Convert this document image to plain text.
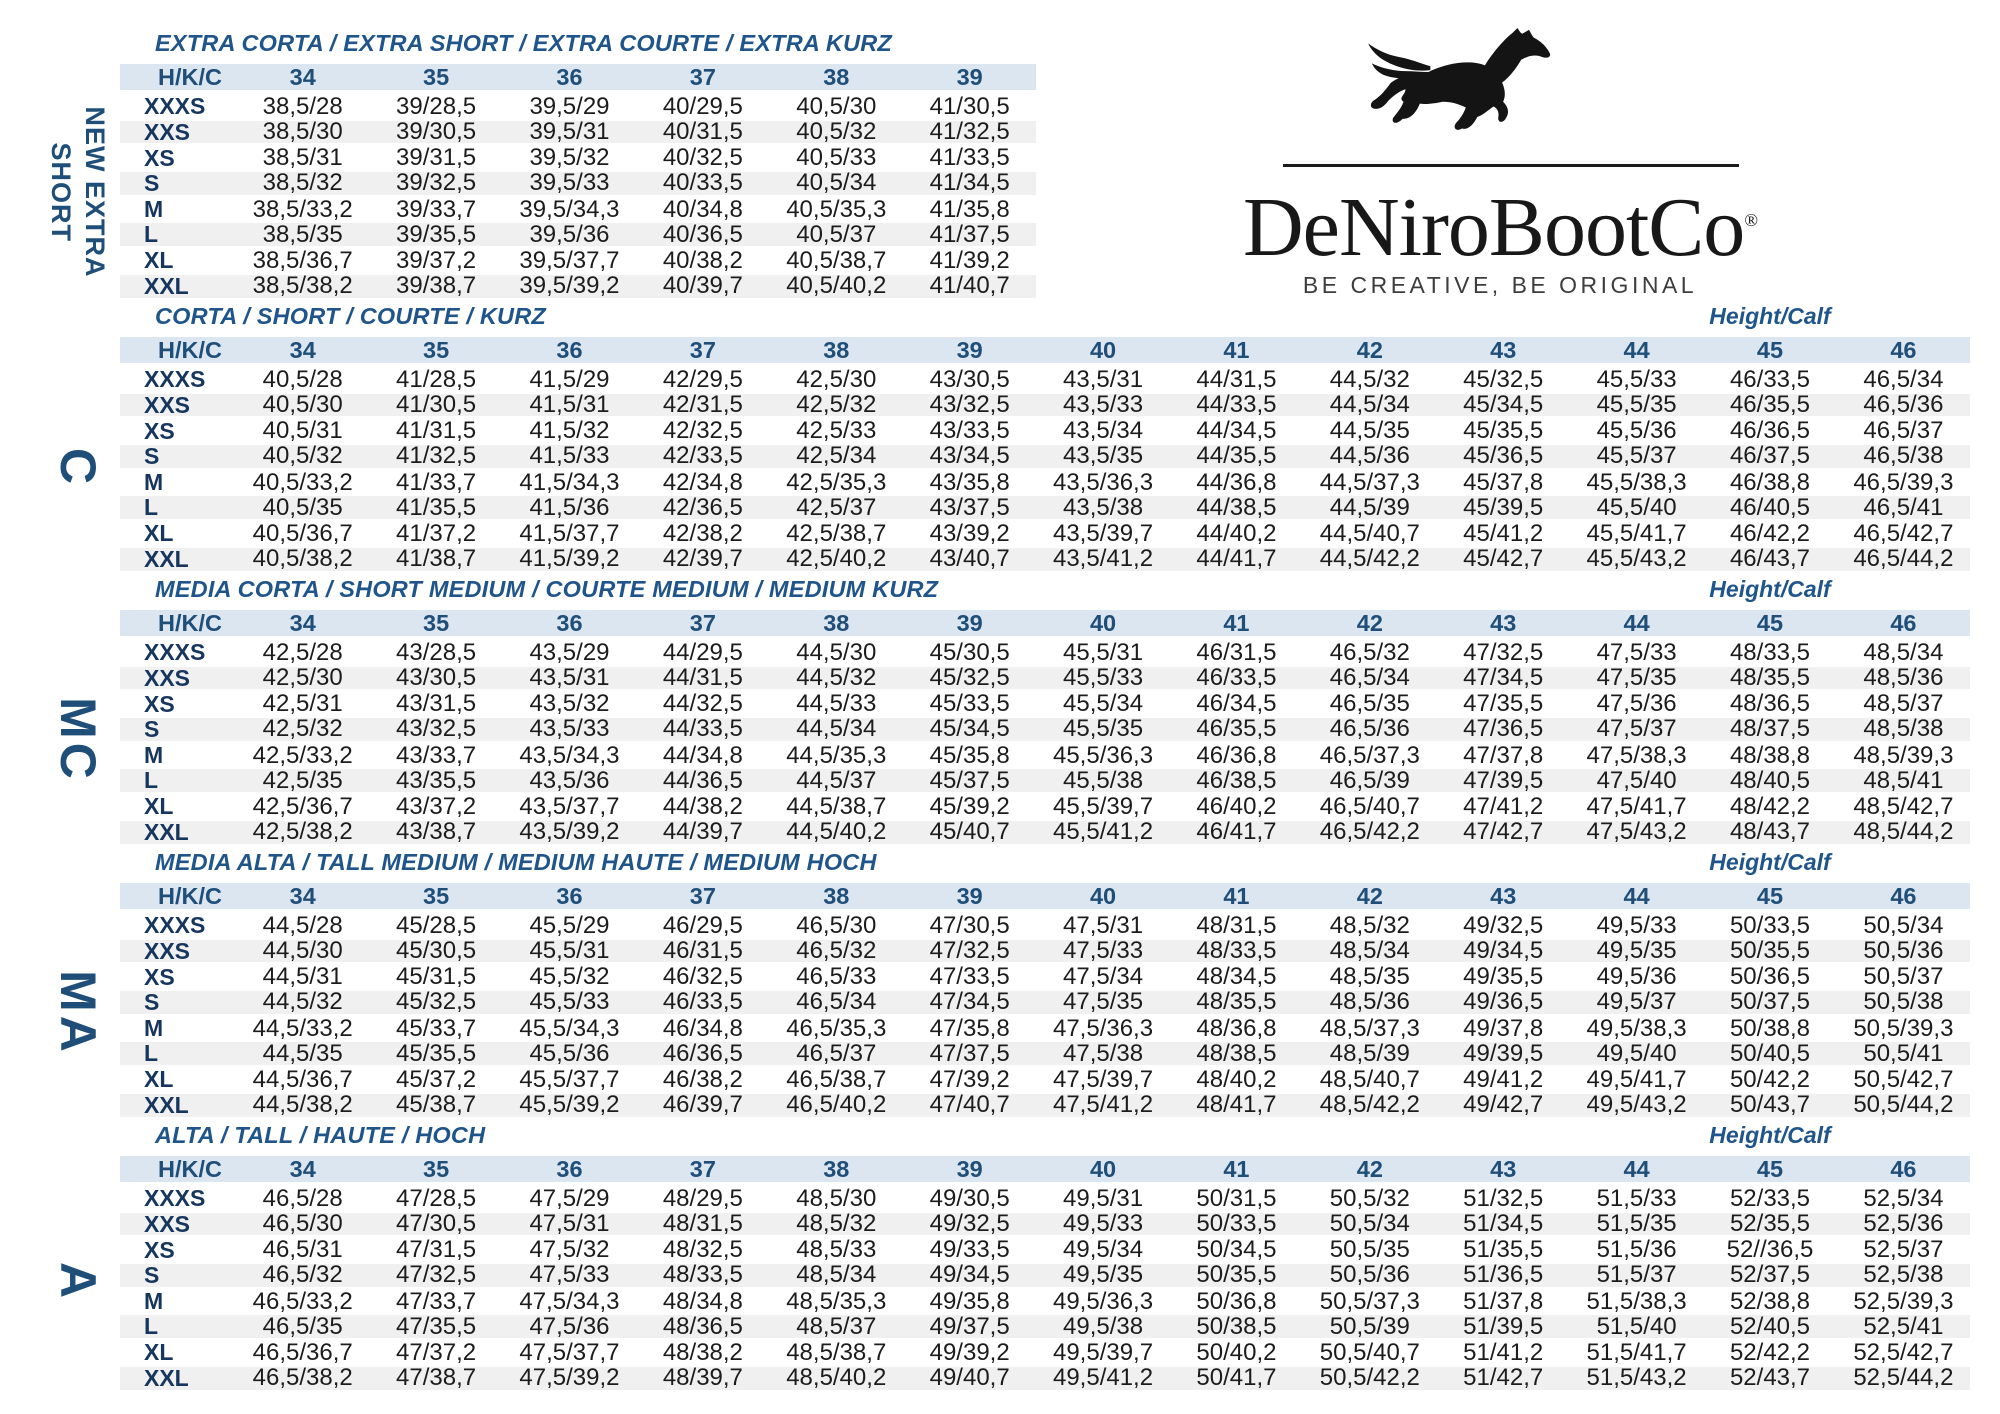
NEW EXTRA
SHORT
C
MC
MA
A
DeNiroBootCo®
BE CREATIVE, BE ORIGINAL
EXTRA CORTA / EXTRA SHORT / EXTRA COURTE / EXTRA KURZ
CORTA / SHORT / COURTE / KURZ
MEDIA CORTA / SHORT MEDIUM / COURTE MEDIUM / MEDIUM KURZ
MEDIA ALTA / TALL MEDIUM / MEDIUM HAUTE / MEDIUM HOCH
ALTA / TALL / HAUTE / HOCH
Height/Calf
Height/Calf
Height/Calf
Height/Calf
H/K/C	34	35	36	37	38	39
XXXS	38,5/28	39/28,5	39,5/29	40/29,5	40,5/30	41/30,5
XXS	38,5/30	39/30,5	39,5/31	40/31,5	40,5/32	41/32,5
XS	38,5/31	39/31,5	39,5/32	40/32,5	40,5/33	41/33,5
S	38,5/32	39/32,5	39,5/33	40/33,5	40,5/34	41/34,5
M	38,5/33,2	39/33,7	39,5/34,3	40/34,8	40,5/35,3	41/35,8
L	38,5/35	39/35,5	39,5/36	40/36,5	40,5/37	41/37,5
XL	38,5/36,7	39/37,2	39,5/37,7	40/38,2	40,5/38,7	41/39,2
XXL	38,5/38,2	39/38,7	39,5/39,2	40/39,7	40,5/40,2	41/40,7
H/K/C	34	35	36	37	38	39	40	41	42	43	44	45	46
XXXS	40,5/28	41/28,5	41,5/29	42/29,5	42,5/30	43/30,5	43,5/31	44/31,5	44,5/32	45/32,5	45,5/33	46/33,5	46,5/34
XXS	40,5/30	41/30,5	41,5/31	42/31,5	42,5/32	43/32,5	43,5/33	44/33,5	44,5/34	45/34,5	45,5/35	46/35,5	46,5/36
XS	40,5/31	41/31,5	41,5/32	42/32,5	42,5/33	43/33,5	43,5/34	44/34,5	44,5/35	45/35,5	45,5/36	46/36,5	46,5/37
S	40,5/32	41/32,5	41,5/33	42/33,5	42,5/34	43/34,5	43,5/35	44/35,5	44,5/36	45/36,5	45,5/37	46/37,5	46,5/38
M	40,5/33,2	41/33,7	41,5/34,3	42/34,8	42,5/35,3	43/35,8	43,5/36,3	44/36,8	44,5/37,3	45/37,8	45,5/38,3	46/38,8	46,5/39,3
L	40,5/35	41/35,5	41,5/36	42/36,5	42,5/37	43/37,5	43,5/38	44/38,5	44,5/39	45/39,5	45,5/40	46/40,5	46,5/41
XL	40,5/36,7	41/37,2	41,5/37,7	42/38,2	42,5/38,7	43/39,2	43,5/39,7	44/40,2	44,5/40,7	45/41,2	45,5/41,7	46/42,2	46,5/42,7
XXL	40,5/38,2	41/38,7	41,5/39,2	42/39,7	42,5/40,2	43/40,7	43,5/41,2	44/41,7	44,5/42,2	45/42,7	45,5/43,2	46/43,7	46,5/44,2
H/K/C	34	35	36	37	38	39	40	41	42	43	44	45	46
XXXS	42,5/28	43/28,5	43,5/29	44/29,5	44,5/30	45/30,5	45,5/31	46/31,5	46,5/32	47/32,5	47,5/33	48/33,5	48,5/34
XXS	42,5/30	43/30,5	43,5/31	44/31,5	44,5/32	45/32,5	45,5/33	46/33,5	46,5/34	47/34,5	47,5/35	48/35,5	48,5/36
XS	42,5/31	43/31,5	43,5/32	44/32,5	44,5/33	45/33,5	45,5/34	46/34,5	46,5/35	47/35,5	47,5/36	48/36,5	48,5/37
S	42,5/32	43/32,5	43,5/33	44/33,5	44,5/34	45/34,5	45,5/35	46/35,5	46,5/36	47/36,5	47,5/37	48/37,5	48,5/38
M	42,5/33,2	43/33,7	43,5/34,3	44/34,8	44,5/35,3	45/35,8	45,5/36,3	46/36,8	46,5/37,3	47/37,8	47,5/38,3	48/38,8	48,5/39,3
L	42,5/35	43/35,5	43,5/36	44/36,5	44,5/37	45/37,5	45,5/38	46/38,5	46,5/39	47/39,5	47,5/40	48/40,5	48,5/41
XL	42,5/36,7	43/37,2	43,5/37,7	44/38,2	44,5/38,7	45/39,2	45,5/39,7	46/40,2	46,5/40,7	47/41,2	47,5/41,7	48/42,2	48,5/42,7
XXL	42,5/38,2	43/38,7	43,5/39,2	44/39,7	44,5/40,2	45/40,7	45,5/41,2	46/41,7	46,5/42,2	47/42,7	47,5/43,2	48/43,7	48,5/44,2
H/K/C	34	35	36	37	38	39	40	41	42	43	44	45	46
XXXS	44,5/28	45/28,5	45,5/29	46/29,5	46,5/30	47/30,5	47,5/31	48/31,5	48,5/32	49/32,5	49,5/33	50/33,5	50,5/34
XXS	44,5/30	45/30,5	45,5/31	46/31,5	46,5/32	47/32,5	47,5/33	48/33,5	48,5/34	49/34,5	49,5/35	50/35,5	50,5/36
XS	44,5/31	45/31,5	45,5/32	46/32,5	46,5/33	47/33,5	47,5/34	48/34,5	48,5/35	49/35,5	49,5/36	50/36,5	50,5/37
S	44,5/32	45/32,5	45,5/33	46/33,5	46,5/34	47/34,5	47,5/35	48/35,5	48,5/36	49/36,5	49,5/37	50/37,5	50,5/38
M	44,5/33,2	45/33,7	45,5/34,3	46/34,8	46,5/35,3	47/35,8	47,5/36,3	48/36,8	48,5/37,3	49/37,8	49,5/38,3	50/38,8	50,5/39,3
L	44,5/35	45/35,5	45,5/36	46/36,5	46,5/37	47/37,5	47,5/38	48/38,5	48,5/39	49/39,5	49,5/40	50/40,5	50,5/41
XL	44,5/36,7	45/37,2	45,5/37,7	46/38,2	46,5/38,7	47/39,2	47,5/39,7	48/40,2	48,5/40,7	49/41,2	49,5/41,7	50/42,2	50,5/42,7
XXL	44,5/38,2	45/38,7	45,5/39,2	46/39,7	46,5/40,2	47/40,7	47,5/41,2	48/41,7	48,5/42,2	49/42,7	49,5/43,2	50/43,7	50,5/44,2
H/K/C	34	35	36	37	38	39	40	41	42	43	44	45	46
XXXS	46,5/28	47/28,5	47,5/29	48/29,5	48,5/30	49/30,5	49,5/31	50/31,5	50,5/32	51/32,5	51,5/33	52/33,5	52,5/34
XXS	46,5/30	47/30,5	47,5/31	48/31,5	48,5/32	49/32,5	49,5/33	50/33,5	50,5/34	51/34,5	51,5/35	52/35,5	52,5/36
XS	46,5/31	47/31,5	47,5/32	48/32,5	48,5/33	49/33,5	49,5/34	50/34,5	50,5/35	51/35,5	51,5/36	52//36,5	52,5/37
S	46,5/32	47/32,5	47,5/33	48/33,5	48,5/34	49/34,5	49,5/35	50/35,5	50,5/36	51/36,5	51,5/37	52/37,5	52,5/38
M	46,5/33,2	47/33,7	47,5/34,3	48/34,8	48,5/35,3	49/35,8	49,5/36,3	50/36,8	50,5/37,3	51/37,8	51,5/38,3	52/38,8	52,5/39,3
L	46,5/35	47/35,5	47,5/36	48/36,5	48,5/37	49/37,5	49,5/38	50/38,5	50,5/39	51/39,5	51,5/40	52/40,5	52,5/41
XL	46,5/36,7	47/37,2	47,5/37,7	48/38,2	48,5/38,7	49/39,2	49,5/39,7	50/40,2	50,5/40,7	51/41,2	51,5/41,7	52/42,2	52,5/42,7
XXL	46,5/38,2	47/38,7	47,5/39,2	48/39,7	48,5/40,2	49/40,7	49,5/41,2	50/41,7	50,5/42,2	51/42,7	51,5/43,2	52/43,7	52,5/44,2
